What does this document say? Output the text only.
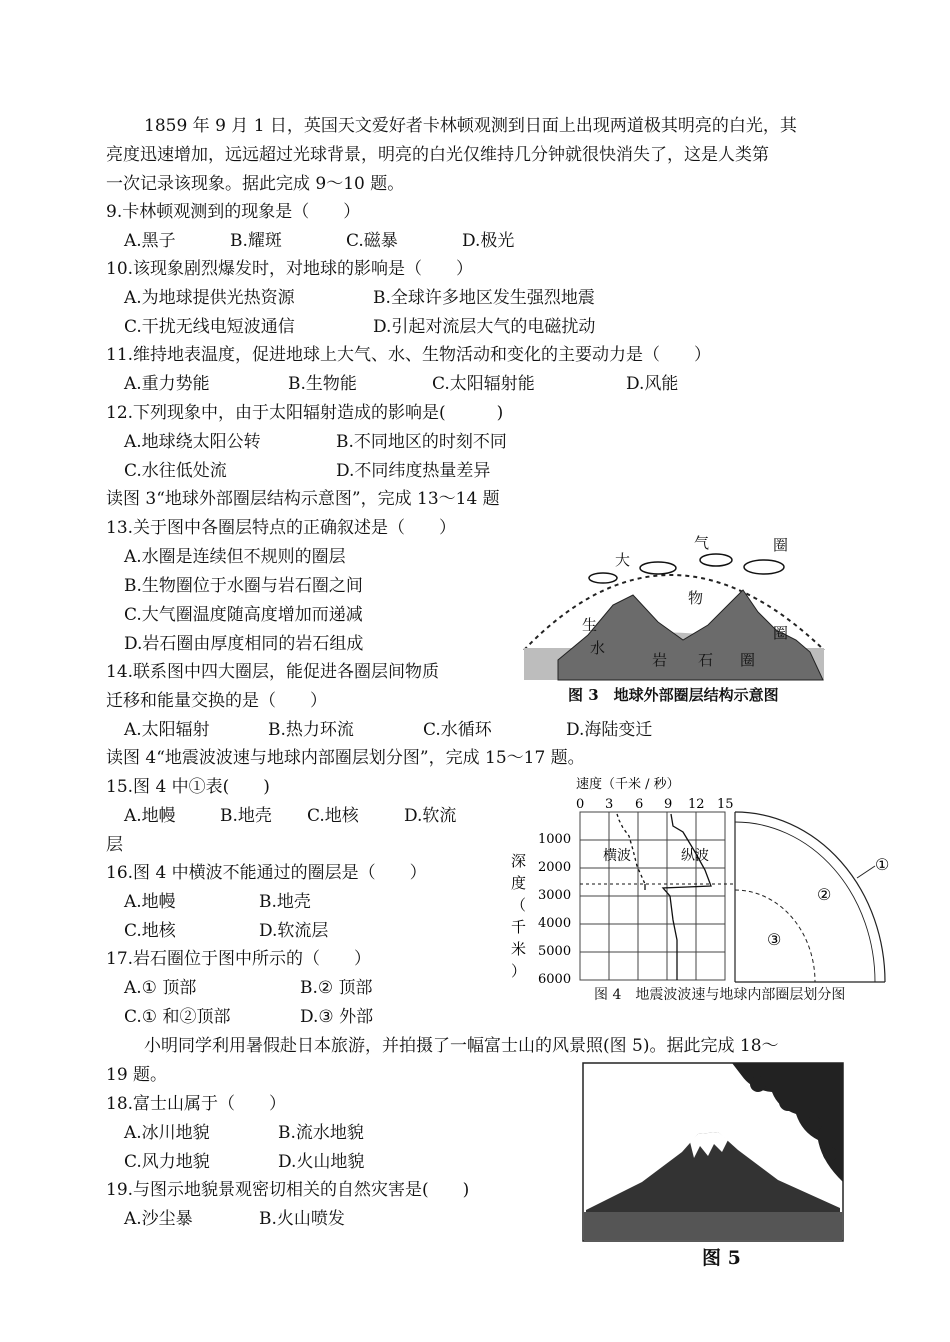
1859 年 9 月 1 日，英国天文爱好者卡林顿观测到日面上出现两道极其明亮的白光，其
亮度迅速增加，远远超过光球背景，明亮的白光仅维持几分钟就很快消失了，这是人类第
一次记录该现象。据此完成 9～10 题。
9.卡林顿观测到的现象是（　　）
A.黑子	B.耀斑	C.磁暴	D.极光
10.该现象剧烈爆发时，对地球的影响是（　　）
A.为地球提供光热资源	B.全球许多地区发生强烈地震
C.干扰无线电短波通信	D.引起对流层大气的电磁扰动
11.维持地表温度，促进地球上大气、水、生物活动和变化的主要动力是（　　）
A.重力势能	B.生物能	C.太阳辐射能	D.风能
12.下列现象中，由于太阳辐射造成的影响是(　　　)
A.地球绕太阳公转	B.不同地区的时刻不同
C.水往低处流	D.不同纬度热量差异
读图 3“地球外部圈层结构示意图”，完成 13～14 题
13.关于图中各圈层特点的正确叙述是（　　）
A.水圈是连续但不规则的圈层
B.生物圈位于水圈与岩石圈之间
C.大气圈温度随高度增加而递减
D.岩石圈由厚度相同的岩石组成
14.联系图中四大圈层，能促进各圈层间物质
迁移和能量交换的是（　　）
A.太阳辐射	B.热力环流	C.水循环	D.海陆变迁
读图 4“地震波波速与地球内部圈层划分图”，完成 15～17 题。
15.图 4 中①表(　　)
A.地幔	B.地壳 C.地核	D.软流
层
16.图 4 中横波不能通过的圈层是（　　）
A.地幔	B.地壳
C.地核	D.软流层
17.岩石圈位于图中所示的（　　）
A.① 顶部	B.② 顶部
C.① 和②顶部	D.③ 外部
小明同学利用暑假赴日本旅游，并拍摄了一幅富士山的风景照(图 5)。据此完成 18～
19 题。
18.富士山属于（　　）
A.冰川地貌	B.流水地貌
C.风力地貌	D.火山地貌
19.与图示地貌景观密切相关的自然灾害是(　　)
A.沙尘暴	B.火山喷发
大
气	圈
物
生
水
圈
岩 石 圈
图 3　地球外部圈层结构示意图
速度（千米 / 秒）
0 3 6 9 12 15
1000
2000
3000
4000
5000
6000
深
度
（
千
米
）
横波	纵波	①
②
③
图 4　地震波波速与地球内部圈层划分图
图 5
